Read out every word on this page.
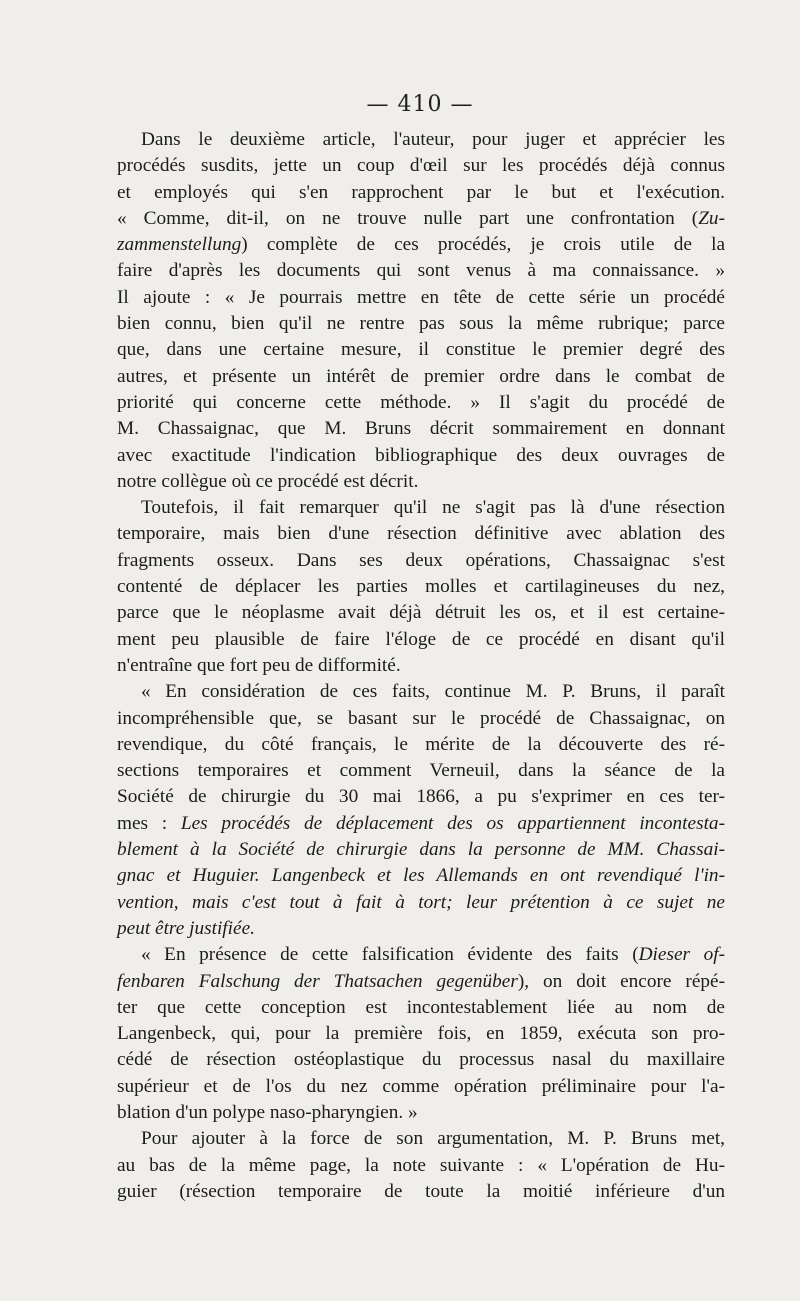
— 410 —
Dans le deuxième article, l'auteur, pour juger et apprécier les
procédés susdits, jette un coup d'œil sur les procédés déjà connus
et employés qui s'en rapprochent par le but et l'exécution.
« Comme, dit-il, on ne trouve nulle part une confrontation (Zu-
zammenstellung) complète de ces procédés, je crois utile de la
faire d'après les documents qui sont venus à ma connaissance. »
Il ajoute : « Je pourrais mettre en tête de cette série un procédé
bien connu, bien qu'il ne rentre pas sous la même rubrique; parce
que, dans une certaine mesure, il constitue le premier degré des
autres, et présente un intérêt de premier ordre dans le combat de
priorité qui concerne cette méthode. » Il s'agit du procédé de
M. Chassaignac, que M. Bruns décrit sommairement en donnant
avec exactitude l'indication bibliographique des deux ouvrages de
notre collègue où ce procédé est décrit.
Toutefois, il fait remarquer qu'il ne s'agit pas là d'une résection
temporaire, mais bien d'une résection définitive avec ablation des
fragments osseux. Dans ses deux opérations, Chassaignac s'est
contenté de déplacer les parties molles et cartilagineuses du nez,
parce que le néoplasme avait déjà détruit les os, et il est certaine-
ment peu plausible de faire l'éloge de ce procédé en disant qu'il
n'entraîne que fort peu de difformité.
« En considération de ces faits, continue M. P. Bruns, il paraît
incompréhensible que, se basant sur le procédé de Chassaignac, on
revendique, du côté français, le mérite de la découverte des ré-
sections temporaires et comment Verneuil, dans la séance de la
Société de chirurgie du 30 mai 1866, a pu s'exprimer en ces ter-
mes : Les procédés de déplacement des os appartiennent incontesta-
blement à la Société de chirurgie dans la personne de MM. Chassai-
gnac et Huguier. Langenbeck et les Allemands en ont revendiqué l'in-
vention, mais c'est tout à fait à tort; leur prétention à ce sujet ne
peut être justifiée.
« En présence de cette falsification évidente des faits (Dieser of-
fenbaren Falschung der Thatsachen gegenüber), on doit encore répé-
ter que cette conception est incontestablement liée au nom de
Langenbeck, qui, pour la première fois, en 1859, exécuta son pro-
cédé de résection ostéoplastique du processus nasal du maxillaire
supérieur et de l'os du nez comme opération préliminaire pour l'a-
blation d'un polype naso-pharyngien. »
Pour ajouter à la force de son argumentation, M. P. Bruns met,
au bas de la même page, la note suivante : « L'opération de Hu-
guier (résection temporaire de toute la moitié inférieure d'un
